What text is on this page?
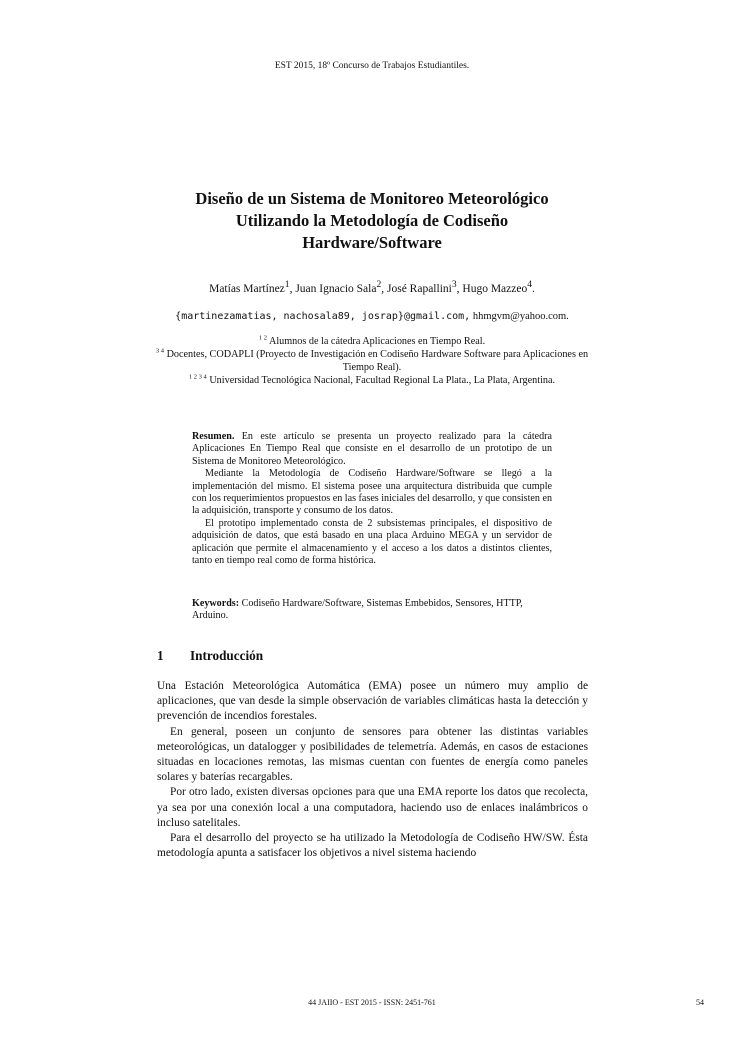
EST 2015, 18º Concurso de Trabajos Estudiantiles.
Diseño de un Sistema de Monitoreo Meteorológico
Utilizando la Metodología de Codiseño
Hardware/Software
Matías Martínez$^1$, Juan Ignacio Sala$^2$, José Rapallini$^3$, Hugo Mazzeo$^4$.
{martinezamatias, nachosala89, josrap}@gmail.com, hhmgvm@yahoo.com.
$^{1 2}$ Alumnos de la cátedra Aplicaciones en Tiempo Real.
$^{3 4}$ Docentes, CODAPLI (Proyecto de Investigación en Codiseño Hardware Software para Aplicaciones en Tiempo Real).
$^{1 2 3 4}$ Universidad Tecnológica Nacional, Facultad Regional La Plata., La Plata, Argentina.

Resumen. En este artículo se presenta un proyecto realizado para la cátedra Aplicaciones En Tiempo Real que consiste en el desarrollo de un prototipo de un Sistema de Monitoreo Meteorológico.

Mediante la Metodología de Codiseño Hardware/Software se llegó a la implementación del mismo. El sistema posee una arquitectura distribuida que cumple con los requerimientos propuestos en las fases iniciales del desarrollo, y que consisten en la adquisición, transporte y consumo de los datos.

El prototipo implementado consta de 2 subsistemas principales, el dispositivo de adquisición de datos, que está basado en una placa Arduino MEGA y un servidor de aplicación que permite el almacenamiento y el acceso a los datos a distintos clientes, tanto en tiempo real como de forma histórica.

Keywords: Codiseño Hardware/Software, Sistemas Embebidos, Sensores, HTTP, Arduino.
1 Introducción

Una Estación Meteorológica Automática (EMA) posee un número muy amplio de aplicaciones, que van desde la simple observación de variables climáticas hasta la detección y prevención de incendios forestales.

En general, poseen un conjunto de sensores para obtener las distintas variables meteorológicas, un datalogger y posibilidades de telemetría. Además, en casos de estaciones situadas en locaciones remotas, las mismas cuentan con fuentes de energía como paneles solares y baterías recargables.

Por otro lado, existen diversas opciones para que una EMA reporte los datos que recolecta, ya sea por una conexión local a una computadora, haciendo uso de enlaces inalámbricos o incluso satelitales.

Para el desarrollo del proyecto se ha utilizado la Metodología de Codiseño HW/SW. Ésta metodología apunta a satisfacer los objetivos a nivel sistema haciendo

44 JAIIO - EST 2015 - ISSN: 2451-761	54
